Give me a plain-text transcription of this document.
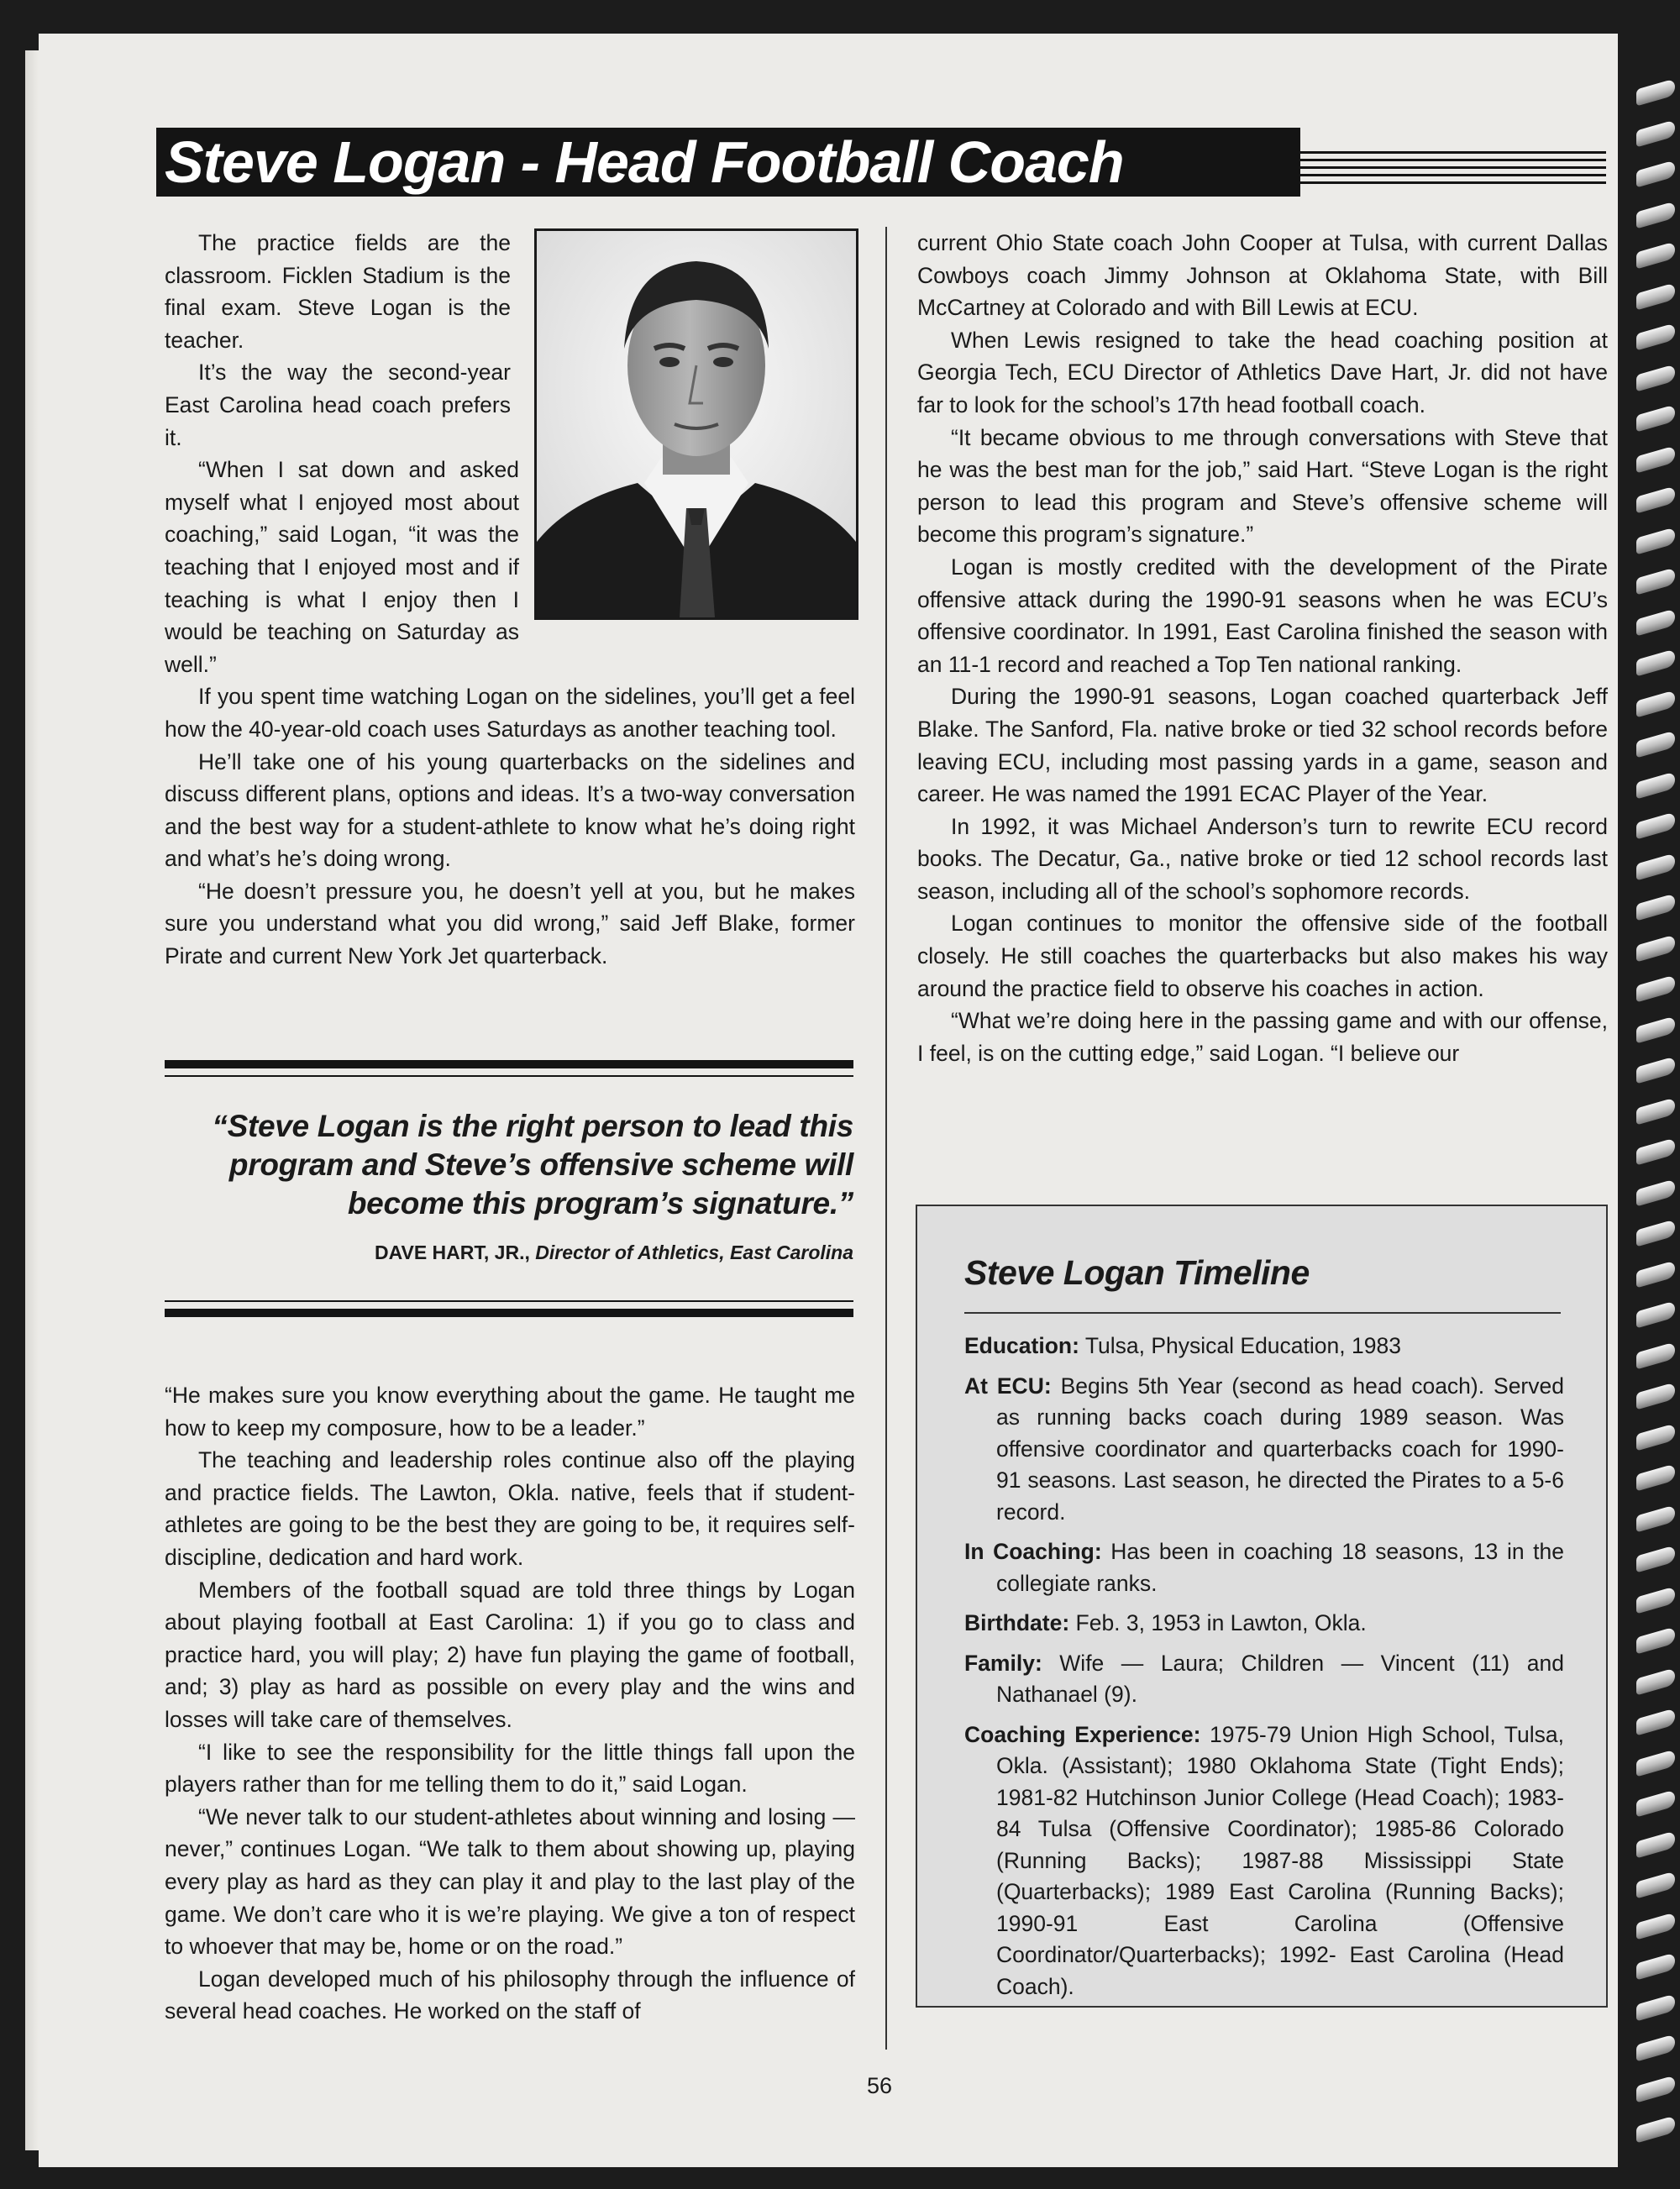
Steve Logan - Head Football Coach

The practice fields are the classroom. Ficklen Stadium is the final exam. Steve Logan is the teacher.

It’s the way the second-year East Carolina head coach prefers it.

“When I sat down and asked myself what I enjoyed most about coaching,” said Logan, “it was the teaching that I enjoyed most and if teaching is what I enjoy then I would be teaching on Saturday as well.”

If you spent time watching Logan on the sidelines, you’ll get a feel how the 40-year-old coach uses Saturdays as another teaching tool.

He’ll take one of his young quarterbacks on the sidelines and discuss different plans, options and ideas. It’s a two-way conversation and the best way for a student-athlete to know what he’s doing right and what’s he’s doing wrong.

“He doesn’t pressure you, he doesn’t yell at you, but he makes sure you understand what you did wrong,” said Jeff Blake, former Pirate and current New York Jet quarterback.

“Steve Logan is the right person to lead this program and Steve’s offensive scheme will become this program’s signature.”
DAVE HART, JR., Director of Athletics, East Carolina

“He makes sure you know everything about the game. He taught me how to keep my composure, how to be a leader.”

The teaching and leadership roles continue also off the playing and practice fields. The Lawton, Okla. native, feels that if student-athletes are going to be the best they are going to be, it requires self-discipline, dedication and hard work.

Members of the football squad are told three things by Logan about playing football at East Carolina: 1) if you go to class and practice hard, you will play; 2) have fun playing the game of football, and; 3) play as hard as possible on every play and the wins and losses will take care of themselves.

“I like to see the responsibility for the little things fall upon the players rather than for me telling them to do it,” said Logan.

“We never talk to our student-athletes about winning and losing — never,” continues Logan. “We talk to them about showing up, playing every play as hard as they can play it and play to the last play of the game. We don’t care who it is we’re playing. We give a ton of respect to whoever that may be, home or on the road.”

Logan developed much of his philosophy through the influence of several head coaches. He worked on the staff of

current Ohio State coach John Cooper at Tulsa, with current Dallas Cowboys coach Jimmy Johnson at Oklahoma State, with Bill McCartney at Colorado and with Bill Lewis at ECU.

When Lewis resigned to take the head coaching position at Georgia Tech, ECU Director of Athletics Dave Hart, Jr. did not have far to look for the school’s 17th head football coach.

“It became obvious to me through conversations with Steve that he was the best man for the job,” said Hart. “Steve Logan is the right person to lead this program and Steve’s offensive scheme will become this program’s signature.”

Logan is mostly credited with the development of the Pirate offensive attack during the 1990-91 seasons when he was ECU’s offensive coordinator. In 1991, East Carolina finished the season with an 11-1 record and reached a Top Ten national ranking.

During the 1990-91 seasons, Logan coached quarterback Jeff Blake. The Sanford, Fla. native broke or tied 32 school records before leaving ECU, including most passing yards in a game, season and career. He was named the 1991 ECAC Player of the Year.

In 1992, it was Michael Anderson’s turn to rewrite ECU record books. The Decatur, Ga., native broke or tied 12 school records last season, including all of the school’s sophomore records.

Logan continues to monitor the offensive side of the football closely. He still coaches the quarterbacks but also makes his way around the practice field to observe his coaches in action.

“What we’re doing here in the passing game and with our offense, I feel, is on the cutting edge,” said Logan. “I believe our

Steve Logan Timeline
Education: Tulsa, Physical Education, 1983
At ECU: Begins 5th Year (second as head coach). Served as running backs coach during 1989 season. Was offensive coordinator and quarterbacks coach for 1990-91 seasons. Last season, he directed the Pirates to a 5-6 record.
In Coaching: Has been in coaching 18 seasons, 13 in the collegiate ranks.
Birthdate: Feb. 3, 1953 in Lawton, Okla.
Family: Wife — Laura; Children — Vincent (11) and Nathanael (9).
Coaching Experience: 1975-79 Union High School, Tulsa, Okla. (Assistant); 1980 Oklahoma State (Tight Ends); 1981-82 Hutchinson Junior College (Head Coach); 1983-84 Tulsa (Offensive Coordinator); 1985-86 Colorado (Running Backs); 1987-88 Mississippi State (Quarterbacks); 1989 East Carolina (Running Backs); 1990-91 East Carolina (Offensive Coordinator/Quarterbacks); 1992- East Carolina (Head Coach).
56
